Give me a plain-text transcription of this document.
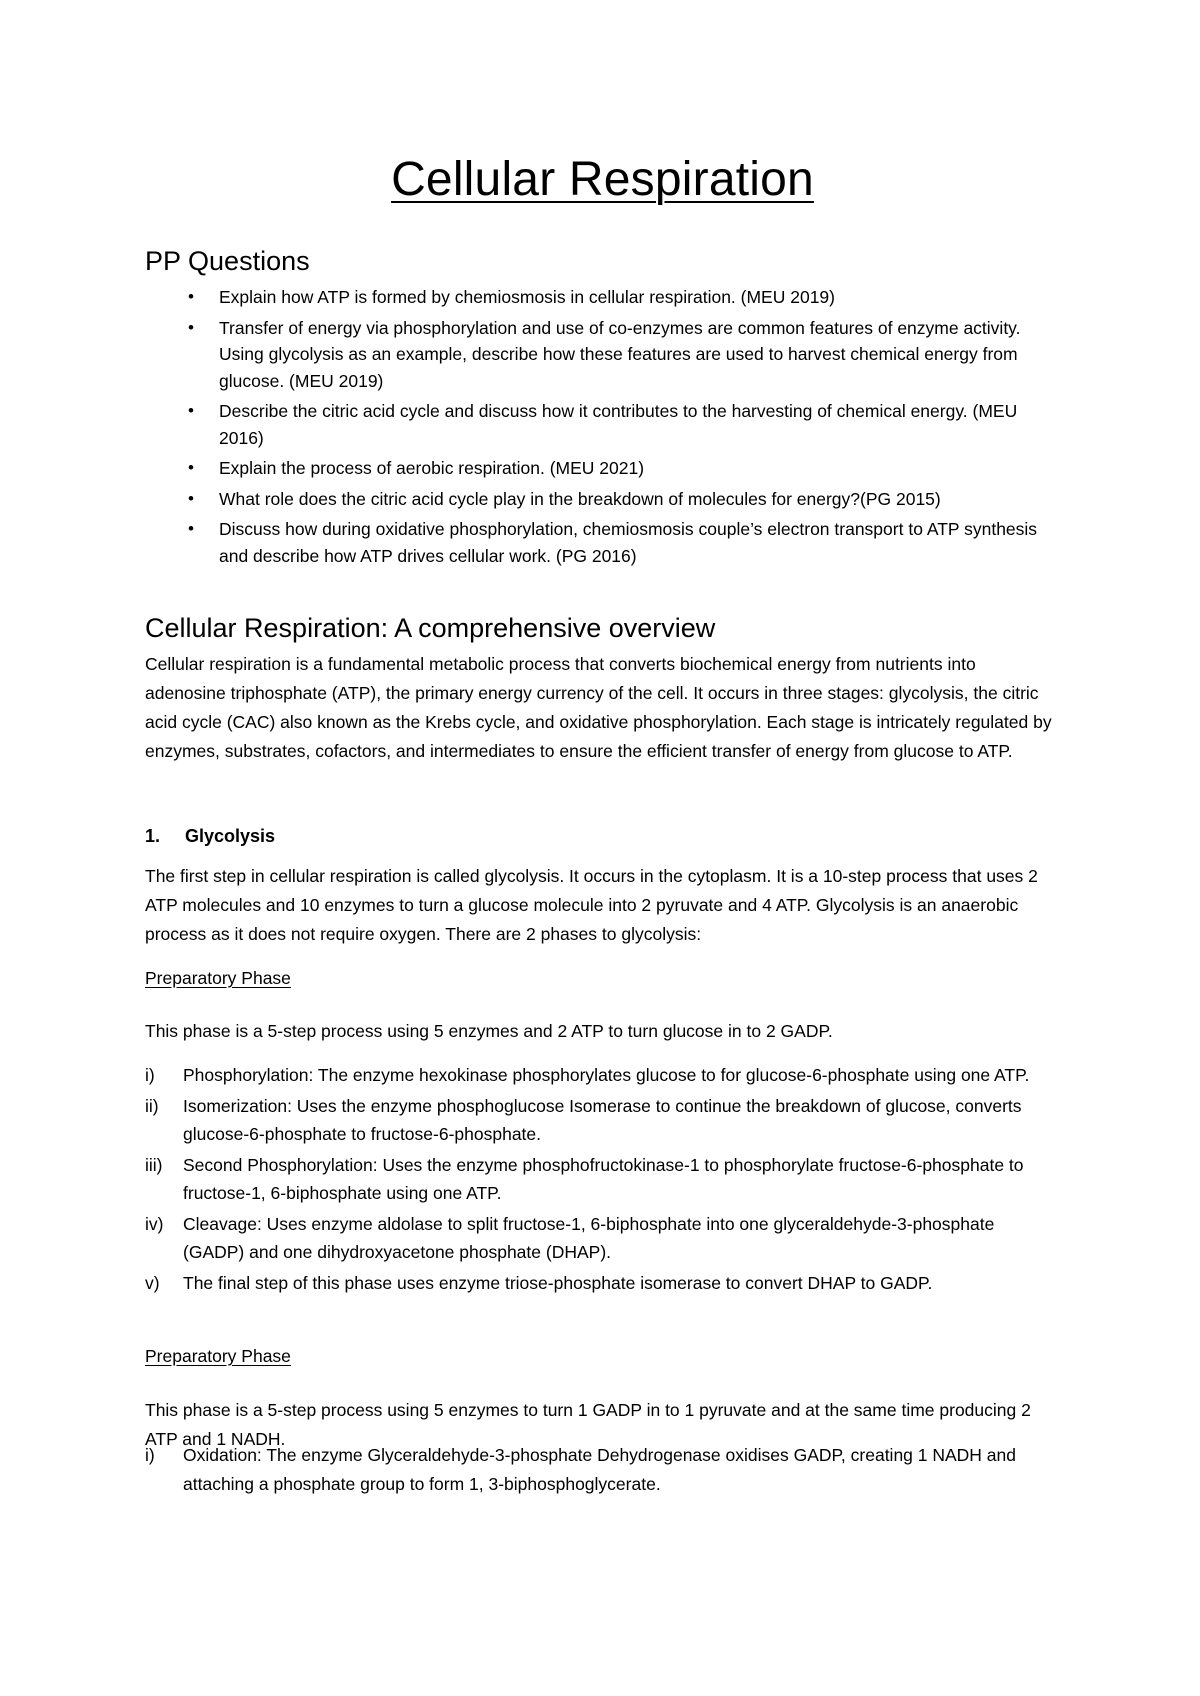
Cellular Respiration
PP Questions
• Explain how ATP is formed by chemiosmosis in cellular respiration. (MEU 2019)
• Transfer of energy via phosphorylation and use of co-enzymes are common features of enzyme activity. Using glycolysis as an example, describe how these features are used to harvest chemical energy from glucose. (MEU 2019)
• Describe the citric acid cycle and discuss how it contributes to the harvesting of chemical energy. (MEU 2016)
• Explain the process of aerobic respiration. (MEU 2021)
• What role does the citric acid cycle play in the breakdown of molecules for energy?(PG 2015)
• Discuss how during oxidative phosphorylation, chemiosmosis couple’s electron transport to ATP synthesis and describe how ATP drives cellular work. (PG 2016)
Cellular Respiration: A comprehensive overview

Cellular respiration is a fundamental metabolic process that converts biochemical energy from nutrients into adenosine triphosphate (ATP), the primary energy currency of the cell. It occurs in three stages: glycolysis, the citric acid cycle (CAC) also known as the Krebs cycle, and oxidative phosphorylation. Each stage is intricately regulated by enzymes, substrates, cofactors, and intermediates to ensure the efficient transfer of energy from glucose to ATP.

1. Glycolysis

The first step in cellular respiration is called glycolysis. It occurs in the cytoplasm. It is a 10-step process that uses 2 ATP molecules and 10 enzymes to turn a glucose molecule into 2 pyruvate and 4 ATP. Glycolysis is an anaerobic process as it does not require oxygen. There are 2 phases to glycolysis:

Preparatory Phase

This phase is a 5-step process using 5 enzymes and 2 ATP to turn glucose in to 2 GADP.

i) Phosphorylation: The enzyme hexokinase phosphorylates glucose to for glucose-6-phosphate using one ATP.
ii) Isomerization: Uses the enzyme phosphoglucose Isomerase to continue the breakdown of glucose, converts glucose-6-phosphate to fructose-6-phosphate.
iii) Second Phosphorylation: Uses the enzyme phosphofructokinase-1 to phosphorylate fructose-6-phosphate to fructose-1, 6-biphosphate using one ATP.
iv) Cleavage: Uses enzyme aldolase to split fructose-1, 6-biphosphate into one glyceraldehyde-3-phosphate (GADP) and one dihydroxyacetone phosphate (DHAP).
v) The final step of this phase uses enzyme triose-phosphate isomerase to convert DHAP to GADP.
Preparatory Phase

This phase is a 5-step process using 5 enzymes to turn 1 GADP in to 1 pyruvate and at the same time producing 2 ATP and 1 NADH.

i) Oxidation: The enzyme Glyceraldehyde-3-phosphate Dehydrogenase oxidises GADP, creating 1 NADH and attaching a phosphate group to form 1, 3-biphosphoglycerate.
